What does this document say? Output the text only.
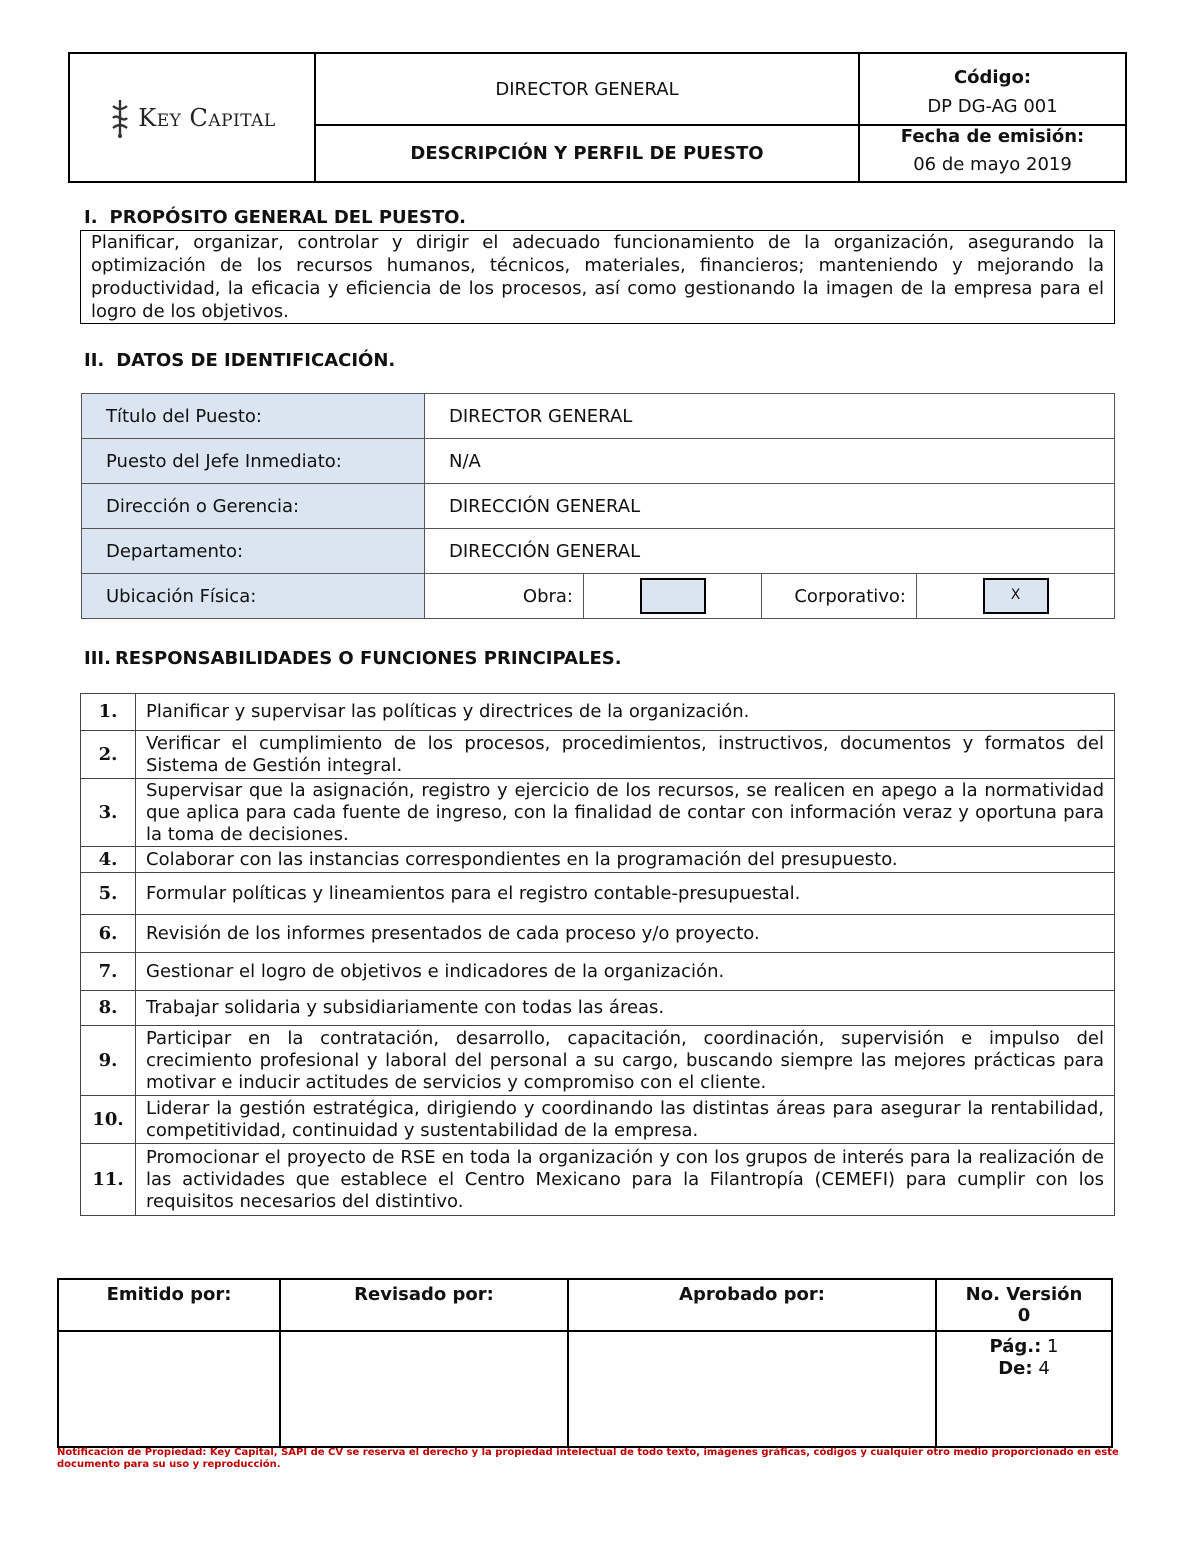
Key Capital
DIRECTOR GENERAL
DESCRIPCIÓN Y PERFIL DE PUESTO
Código:
DP DG-AG 001
Fecha de emisión:
06 de mayo 2019
I. PROPÓSITO GENERAL DEL PUESTO.
Planificar, organizar, controlar y dirigir el adecuado funcionamiento de la organización, asegurando la optimización de los recursos humanos, técnicos, materiales, financieros; manteniendo y mejorando la productividad, la eficacia y eficiencia de los procesos, así como gestionando la imagen de la empresa para el logro de los objetivos.
II. DATOS DE IDENTIFICACIÓN.
Título del Puesto:	DIRECTOR GENERAL			
Puesto del Jefe Inmediato:	N/A			
Dirección o Gerencia:	DIRECCIÓN GENERAL			
Departamento:	DIRECCIÓN GENERAL			
Ubicación Física:	Obra:		Corporativo:	X
III. RESPONSABILIDADES O FUNCIONES PRINCIPALES.
1.	Planificar y supervisar las políticas y directrices de la organización.
2.	Verificar el cumplimiento de los procesos, procedimientos, instructivos, documentos y formatos del Sistema de Gestión integral.
3.	Supervisar que la asignación, registro y ejercicio de los recursos, se realicen en apego a la normatividad que aplica para cada fuente de ingreso, con la finalidad de contar con información veraz y oportuna para la toma de decisiones.
4.	Colaborar con las instancias correspondientes en la programación del presupuesto.
5.	Formular políticas y lineamientos para el registro contable-presupuestal.
6.	Revisión de los informes presentados de cada proceso y/o proyecto.
7.	Gestionar el logro de objetivos e indicadores de la organización.
8.	Trabajar solidaria y subsidiariamente con todas las áreas.
9.	Participar en la contratación, desarrollo, capacitación, coordinación, supervisión e impulso del crecimiento profesional y laboral del personal a su cargo, buscando siempre las mejores prácticas para motivar e inducir actitudes de servicios y compromiso con el cliente.
10.	Liderar la gestión estratégica, dirigiendo y coordinando las distintas áreas para asegurar la rentabilidad, competitividad, continuidad y sustentabilidad de la empresa.
11.	Promocionar el proyecto de RSE en toda la organización y con los grupos de interés para la realización de las actividades que establece el Centro Mexicano para la Filantropía (CEMEFI) para cumplir con los requisitos necesarios del distintivo.
Emitido por:	Revisado por:	Aprobado por:	No. Versión
0

			Pág.: 1
De: 4
Notificación de Propiedad: Key Capital, SAPI de CV se reserva el derecho y la propiedad intelectual de todo texto, imágenes gráficas, códigos y cualquier otro medio proporcionado en este documento para su uso y reproducción.
